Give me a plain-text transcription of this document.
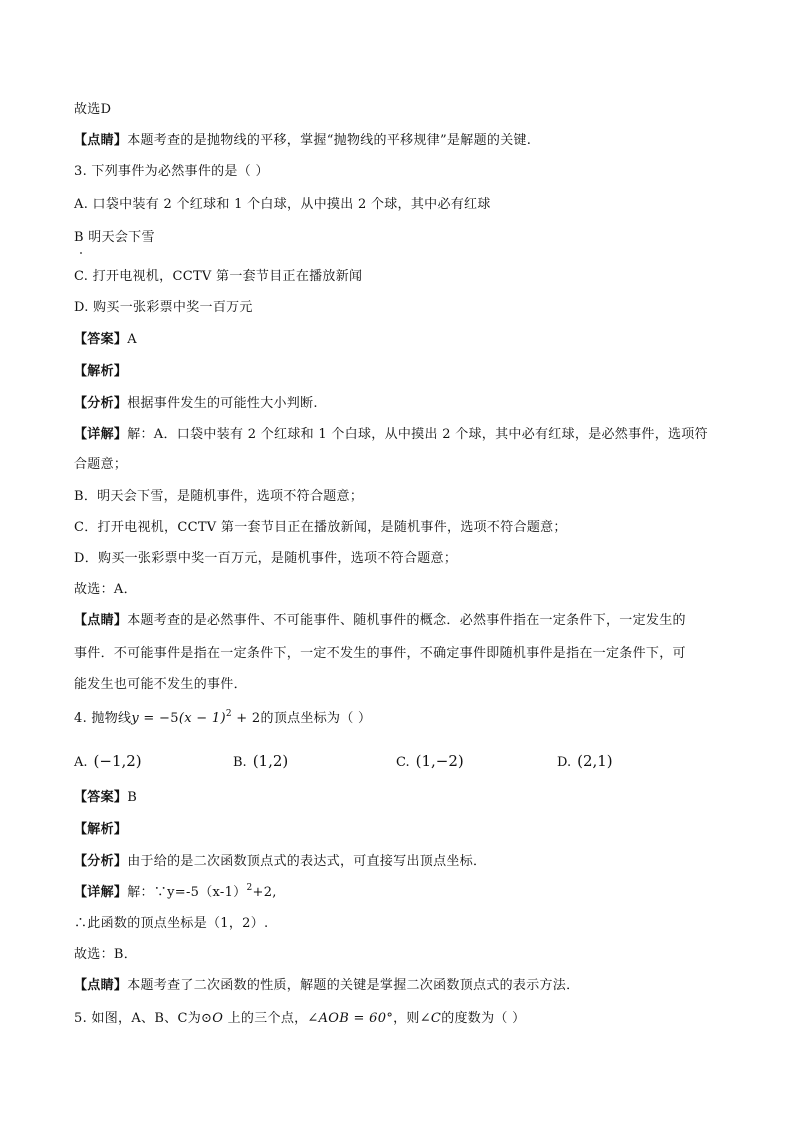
故选D
【点睛】本题考查的是抛物线的平移，掌握“抛物线的平移规律”是解题的关键.
3. 下列事件为必然事件的是（ ）
A. 口袋中装有 2 个红球和 1 个白球，从中摸出 2 个球，其中必有红球
B 明天会下雪
C. 打开电视机，CCTV 第一套节目正在播放新闻
D. 购买一张彩票中奖一百万元
【答案】A
【解析】
【分析】根据事件发生的可能性大小判断.
【详解】解：A．口袋中装有 2 个红球和 1 个白球，从中摸出 2 个球，其中必有红球，是必然事件，选项符
合题意；
B．明天会下雪，是随机事件，选项不符合题意；
C．打开电视机，CCTV 第一套节目正在播放新闻，是随机事件，选项不符合题意；
D．购买一张彩票中奖一百万元，是随机事件，选项不符合题意；
故选：A．
【点睛】本题考查的是必然事件、不可能事件、随机事件的概念．必然事件指在一定条件下，一定发生的
事件．不可能事件是指在一定条件下，一定不发生的事件，不确定事件即随机事件是指在一定条件下，可
能发生也可能不发生的事件．
4. 抛物线$y = -5(x - 1)^2 + 2$的顶点坐标为（ ）
A. (−1,2)	B. (1,2)	C. (1,−2)	D. (2,1)
【答案】B
【解析】
【分析】由于给的是二次函数顶点式的表达式，可直接写出顶点坐标．
【详解】解：$\because y=-5(x-1)^2+2$,
∴此函数的顶点坐标是（1，2）.
故选：B．
【点睛】本题考查了二次函数的性质，解题的关键是掌握二次函数顶点式的表示方法．
5. 如图，A、B、C为⊙O 上的三个点，∠AOB = 60°，则∠C的度数为（ ）
